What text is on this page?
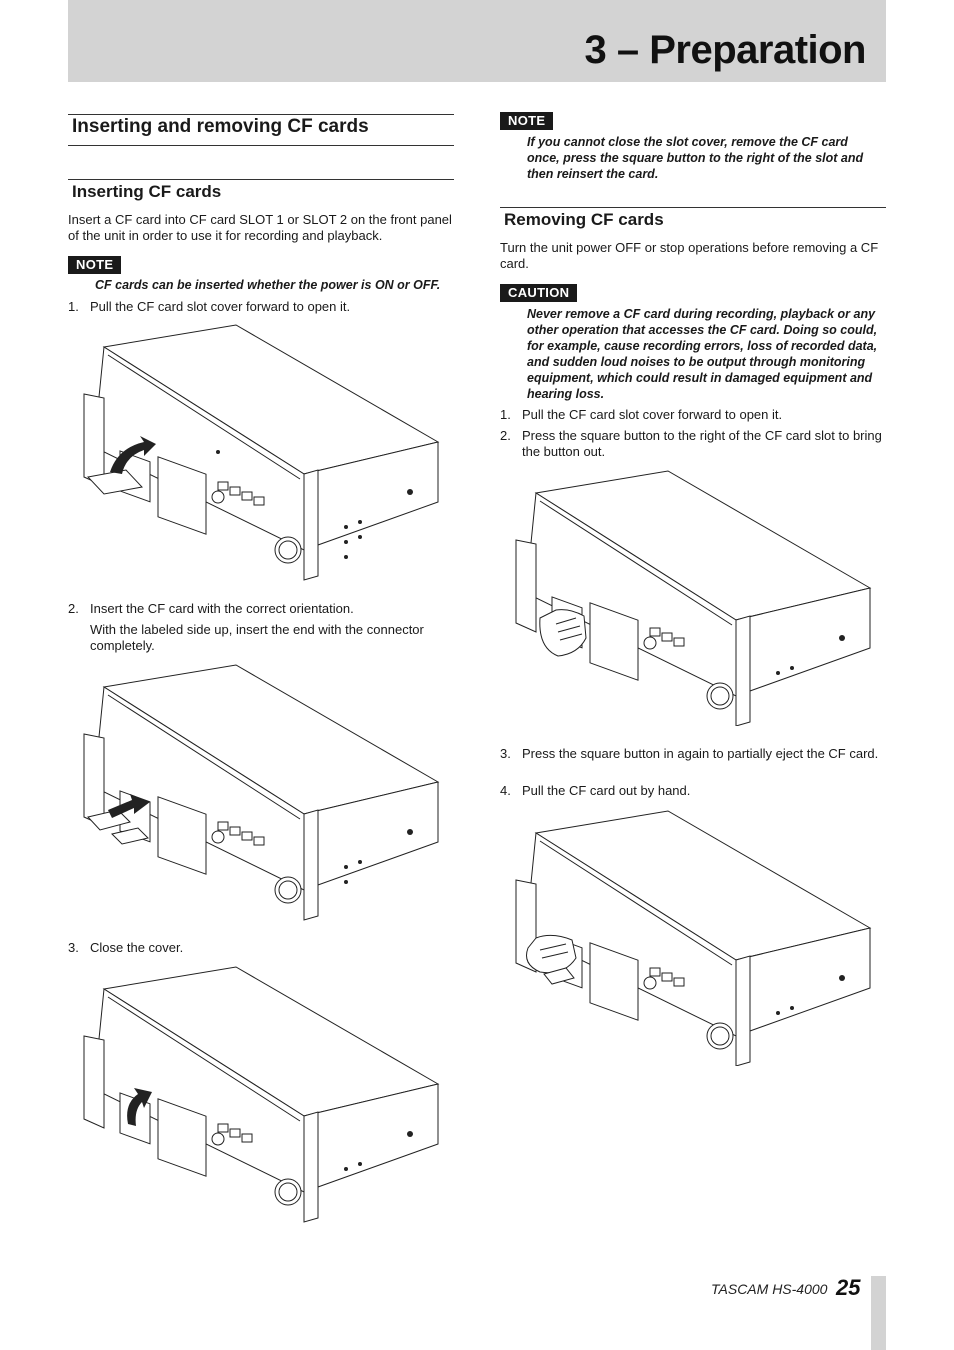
3 – Preparation
Inserting and removing CF cards
Inserting CF cards

Insert a CF card into CF card SLOT 1 or SLOT 2 on the front panel of the unit in order to use it for recording and playback.

NOTE

CF cards can be inserted whether the power is ON or OFF.

1. Pull the CF card slot cover forward to open it.
2. Insert the CF card with the correct orientation.

With the labeled side up, insert the end with the connector completely.

3. Close the cover.
NOTE

If you cannot close the slot cover, remove the CF card once, press the square button to the right of the slot and then reinsert the card.

Removing CF cards

Turn the unit power OFF or stop operations before removing a CF card.

CAUTION

Never remove a CF card during recording, playback or any other operation that accesses the CF card. Doing so could, for example, cause recording errors, loss of recorded data, and sudden loud noises to be output through monitoring equipment, which could result in damaged equipment and hearing loss.

1. Pull the CF card slot cover forward to open it.
2. Press the square button to the right of the CF card slot to bring the button out.
3. Press the square button in again to partially eject the CF card.
4. Pull the CF card out by hand.
TASCAM HS-4000 25
